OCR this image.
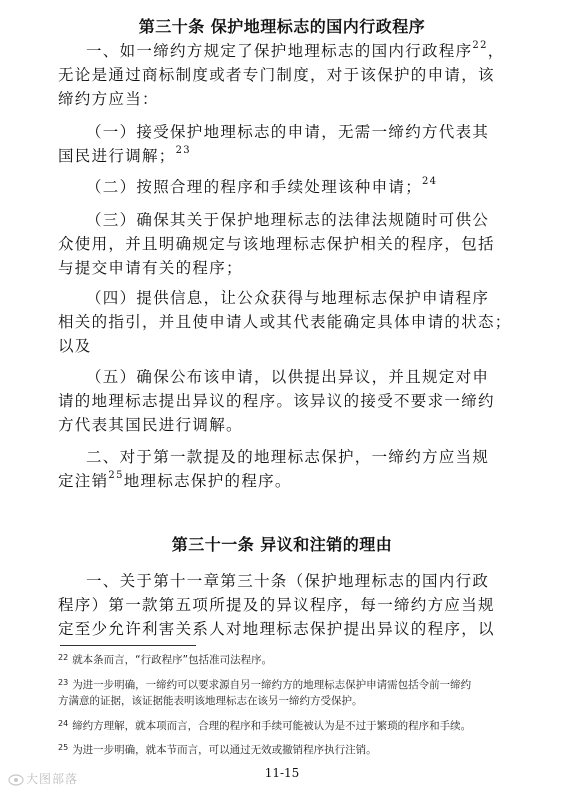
第三十条 保护地理标志的国内行政程序
一、如一缔约方规定了保护地理标志的国内行政程序$^{22}$，
无论是通过商标制度或者专门制度，对于该保护的申请，该
缔约方应当：
（一）接受保护地理标志的申请，无需一缔约方代表其
国民进行调解；$^{23}$
（二）按照合理的程序和手续处理该种申请；$^{24}$
（三）确保其关于保护地理标志的法律法规随时可供公
众使用，并且明确规定与该地理标志保护相关的程序，包括
与提交申请有关的程序；
（四）提供信息，让公众获得与地理标志保护申请程序
相关的指引，并且使申请人或其代表能确定具体申请的状态；
以及
（五）确保公布该申请，以供提出异议，并且规定对申
请的地理标志提出异议的程序。该异议的接受不要求一缔约
方代表其国民进行调解。
二、对于第一款提及的地理标志保护，一缔约方应当规
定注销$^{25}$地理标志保护的程序。
第三十一条 异议和注销的理由
一、关于第十一章第三十条（保护地理标志的国内行政
程序）第一款第五项所提及的异议程序，每一缔约方应当规
定至少允许利害关系人对地理标志保护提出异议的程序，以
$^{22}$ 就本条而言，“行政程序”包括准司法程序。
$^{23}$ 为进一步明确，一缔约可以要求源自另一缔约方的地理标志保护申请需包括令前一缔约
方满意的证据，该证据能表明该地理标志在该另一缔约方受保护。
$^{24}$ 缔约方理解，就本项而言，合理的程序和手续可能被认为是不过于繁琐的程序和手续。
$^{25}$ 为进一步明确，就本节而言，可以通过无效或撤销程序执行注销。
11-15
大图部落
